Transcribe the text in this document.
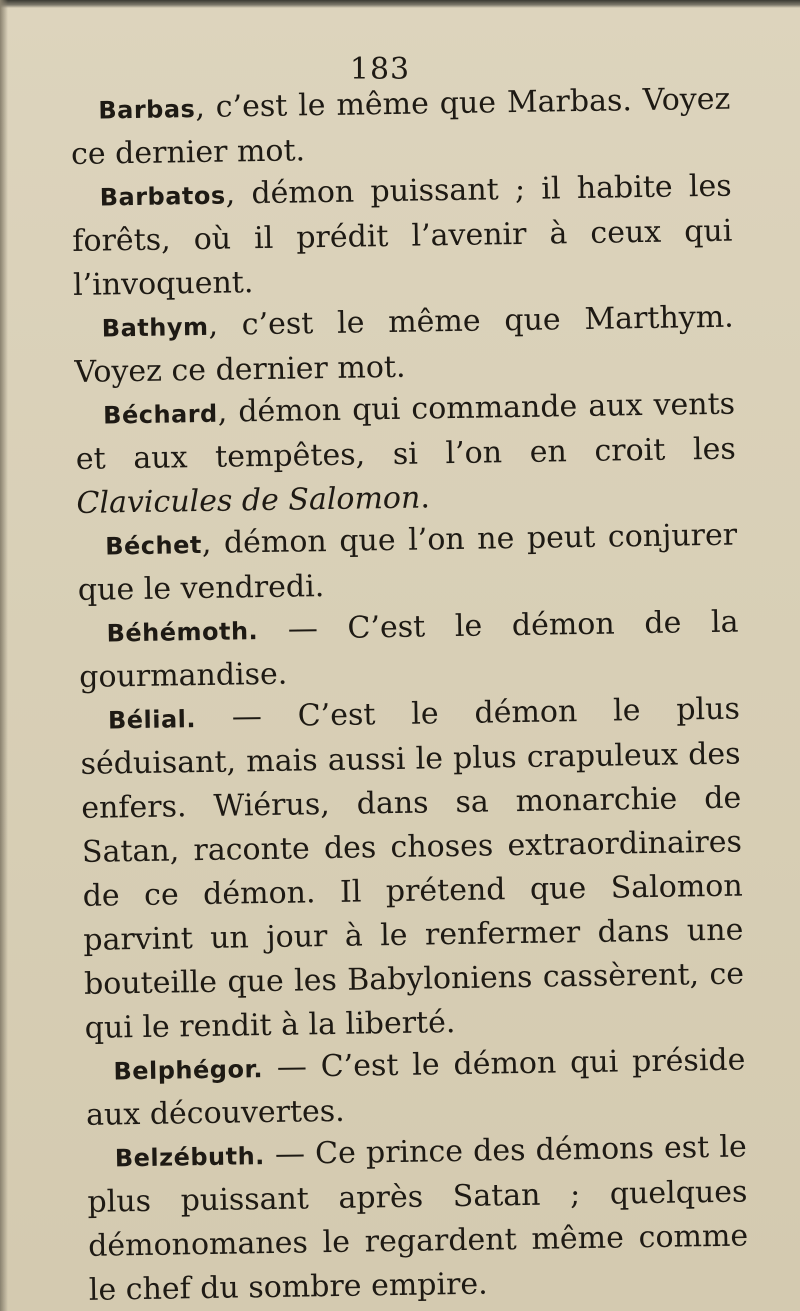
183

Barbas, c’est le même que Marbas. Voyez ce dernier mot.

Barbatos, démon puissant ; il habite les forêts, où il prédit l’avenir à ceux qui l’invoquent.

Bathym, c’est le même que Marthym. Voyez ce dernier mot.

Béchard, démon qui commande aux vents et aux tempêtes, si l’on en croit les Clavicules de Salomon.

Béchet, démon que l’on ne peut conjurer que le vendredi.

Béhémoth. — C’est le démon de la gourmandise.

Bélial. — C’est le démon le plus séduisant, mais aussi le plus crapuleux des enfers. Wiérus, dans sa monarchie de Satan, raconte des choses extraordinaires de ce démon. Il prétend que Salomon parvint un jour à le renfermer dans une bouteille que les Babyloniens cassèrent, ce qui le rendit à la liberté.

Belphégor. — C’est le démon qui préside aux découvertes.

Belzébuth. — Ce prince des démons est le plus puissant après Satan ; quelques démonomanes le regardent même comme le chef du sombre empire.
